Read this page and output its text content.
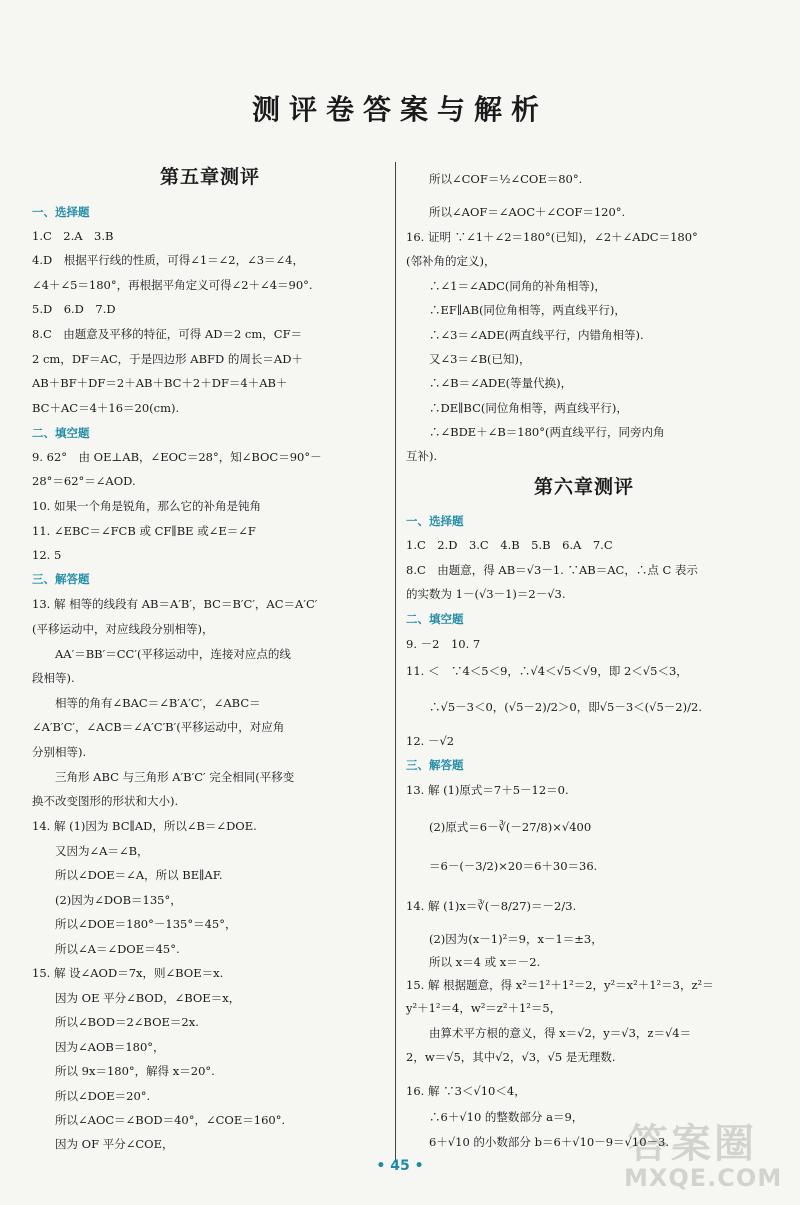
测评卷答案与解析
第五章测评
一、选择题
1.C　2.A　3.B
4.D　根据平行线的性质，可得∠1＝∠2，∠3＝∠4，
∠4＋∠5＝180°，再根据平角定义可得∠2＋∠4＝90°.
5.D　6.D　7.D
8.C　由题意及平移的特征，可得 AD＝2 cm，CF＝
2 cm，DF＝AC，于是四边形 ABFD 的周长＝AD＋
AB＋BF＋DF＝2＋AB＋BC＋2＋DF＝4＋AB＋
BC＋AC＝4＋16＝20(cm).
二、填空题
9. 62°　由 OE⊥AB，∠EOC＝28°，知∠BOC＝90°－
28°＝62°＝∠AOD.
10. 如果一个角是锐角，那么它的补角是钝角
11. ∠EBC＝∠FCB 或 CF∥BE 或∠E＝∠F
12. 5
三、解答题
13. 解 相等的线段有 AB＝A′B′，BC＝B′C′，AC＝A′C′
(平移运动中，对应线段分别相等)，
　　AA′＝BB′＝CC′(平移运动中，连接对应点的线
段相等).
　　相等的角有∠BAC＝∠B′A′C′，∠ABC＝
∠A′B′C′，∠ACB＝∠A′C′B′(平移运动中，对应角
分别相等).
　　三角形 ABC 与三角形 A′B′C′ 完全相同(平移变
换不改变图形的形状和大小).
14. 解 (1)因为 BC∥AD，所以∠B＝∠DOE.
　　又因为∠A＝∠B，
　　所以∠DOE＝∠A，所以 BE∥AF.
　　(2)因为∠DOB＝135°，
　　所以∠DOE＝180°－135°＝45°，
　　所以∠A＝∠DOE＝45°.
15. 解 设∠AOD＝7x，则∠BOE＝x.
　　因为 OE 平分∠BOD，∠BOE＝x，
　　所以∠BOD＝2∠BOE＝2x.
　　因为∠AOB＝180°，
　　所以 9x＝180°，解得 x＝20°.
　　所以∠DOE＝20°.
　　所以∠AOC＝∠BOD＝40°，∠COE＝160°.
　　因为 OF 平分∠COE，
　　所以∠COF＝½∠COE＝80°.
　　所以∠AOF＝∠AOC＋∠COF＝120°.
16. 证明 ∵∠1＋∠2＝180°(已知)，∠2＋∠ADC＝180°
(邻补角的定义)，
　　∴∠1＝∠ADC(同角的补角相等)，
　　∴EF∥AB(同位角相等，两直线平行)，
　　∴∠3＝∠ADE(两直线平行，内错角相等).
　　又∠3＝∠B(已知)，
　　∴∠B＝∠ADE(等量代换)，
　　∴DE∥BC(同位角相等，两直线平行)，
　　∴∠BDE＋∠B＝180°(两直线平行，同旁内角
互补).
第六章测评
一、选择题
1.C　2.D　3.C　4.B　5.B　6.A　7.C
8.C　由题意，得 AB＝√3－1. ∵AB＝AC，∴点 C 表示
的实数为 1－(√3－1)＝2－√3.
二、填空题
9. －2　10. 7
11. ＜　∵4＜5＜9，∴√4＜√5＜√9，即 2＜√5＜3，
　　∴√5－3＜0，(√5－2)/2＞0，即√5－3＜(√5－2)/2.
12. －√2
三、解答题
13. 解 (1)原式＝7＋5－12＝0.
　　(2)原式＝6－∛(－27/8)×√400
　　＝6－(－3/2)×20＝6＋30＝36.
14. 解 (1)x＝∛(－8/27)＝－2/3.
　　(2)因为(x－1)²＝9，x－1＝±3，
　　所以 x＝4 或 x＝－2.
15. 解 根据题意，得 x²＝1²＋1²＝2，y²＝x²＋1²＝3，z²＝
y²＋1²＝4，w²＝z²＋1²＝5，
　　由算术平方根的意义，得 x＝√2，y＝√3，z＝√4＝
2，w＝√5，其中√2，√3，√5 是无理数.
16. 解 ∵3＜√10＜4，
　　∴6＋√10 的整数部分 a＝9，
　　6＋√10 的小数部分 b＝6＋√10－9＝√10－3.
• 45 •	答案圈
MXQE.COM
